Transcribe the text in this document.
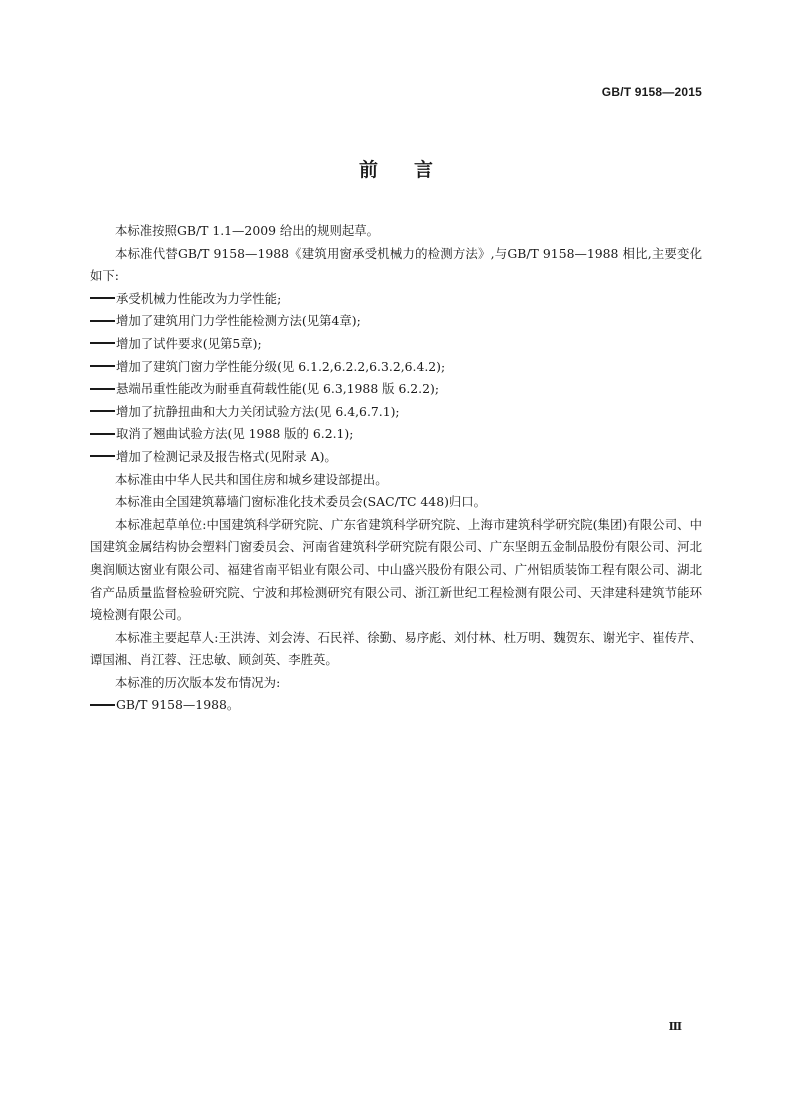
GB/T 9158—2015
前言

本标准按照GB/T 1.1—2009 给出的规则起草。

本标准代替GB/T 9158—1988《建筑用窗承受机械力的检测方法》,与GB/T 9158—1988 相比,主要变化如下:

承受机械力性能改为力学性能;

增加了建筑用门力学性能检测方法(见第4章);

增加了试件要求(见第5章);

增加了建筑门窗力学性能分级(见 6.1.2,6.2.2,6.3.2,6.4.2);

悬端吊重性能改为耐垂直荷载性能(见 6.3,1988 版 6.2.2);

增加了抗静扭曲和大力关闭试验方法(见 6.4,6.7.1);

取消了翘曲试验方法(见 1988 版的 6.2.1);

增加了检测记录及报告格式(见附录 A)。

本标准由中华人民共和国住房和城乡建设部提出。

本标准由全国建筑幕墙门窗标准化技术委员会(SAC/TC 448)归口。

本标准起草单位:中国建筑科学研究院、广东省建筑科学研究院、上海市建筑科学研究院(集团)有限公司、中国建筑金属结构协会塑料门窗委员会、河南省建筑科学研究院有限公司、广东坚朗五金制品股份有限公司、河北奥润顺达窗业有限公司、福建省南平铝业有限公司、中山盛兴股份有限公司、广州铝质装饰工程有限公司、湖北省产品质量监督检验研究院、宁波和邦检测研究有限公司、浙江新世纪工程检测有限公司、天津建科建筑节能环境检测有限公司。

本标准主要起草人:王洪涛、刘会涛、石民祥、徐勤、易序彪、刘付林、杜万明、魏贺东、谢光宇、崔传芹、谭国湘、肖江蓉、汪忠敏、顾剑英、李胜英。

本标准的历次版本发布情况为:

GB/T 9158—1988。

Ⅲ
